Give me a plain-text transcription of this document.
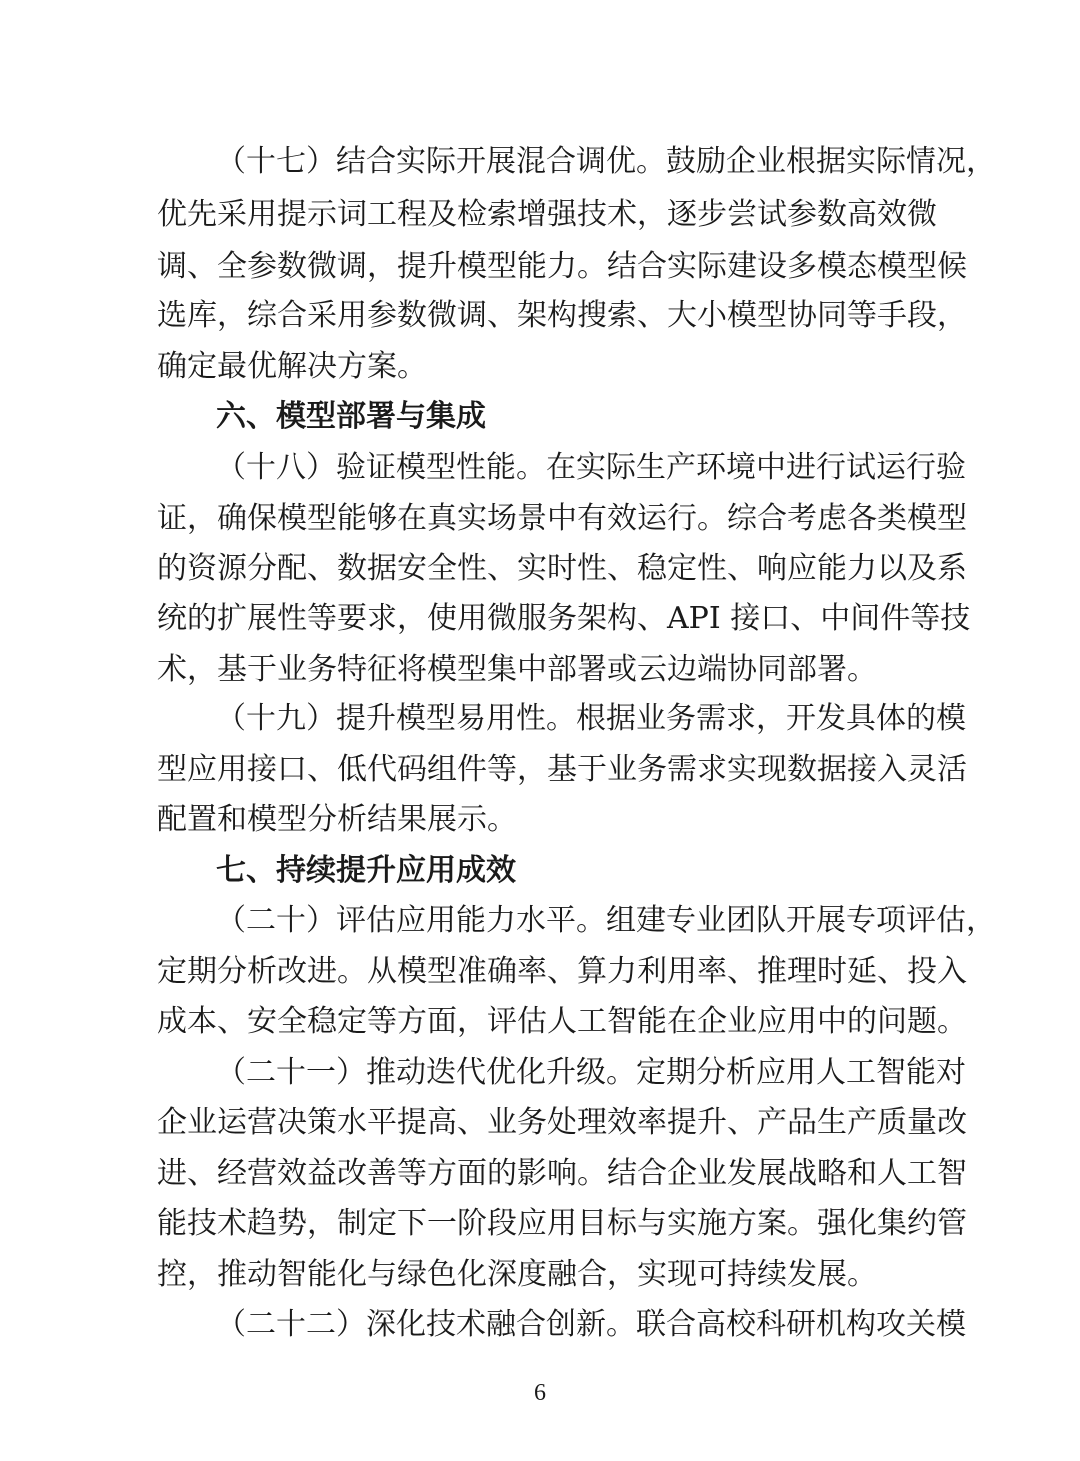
（十七）结合实际开展混合调优。鼓励企业根据实际情况，
优先采用提示词工程及检索增强技术，逐步尝试参数高效微
调、全参数微调，提升模型能力。结合实际建设多模态模型候
选库，综合采用参数微调、架构搜索、大小模型协同等手段，
确定最优解决方案。
六、模型部署与集成
（十八）验证模型性能。在实际生产环境中进行试运行验
证，确保模型能够在真实场景中有效运行。综合考虑各类模型
的资源分配、数据安全性、实时性、稳定性、响应能力以及系
统的扩展性等要求，使用微服务架构、API 接口、中间件等技
术，基于业务特征将模型集中部署或云边端协同部署。
（十九）提升模型易用性。根据业务需求，开发具体的模
型应用接口、低代码组件等，基于业务需求实现数据接入灵活
配置和模型分析结果展示。
七、持续提升应用成效
（二十）评估应用能力水平。组建专业团队开展专项评估，
定期分析改进。从模型准确率、算力利用率、推理时延、投入
成本、安全稳定等方面，评估人工智能在企业应用中的问题。
（二十一）推动迭代优化升级。定期分析应用人工智能对
企业运营决策水平提高、业务处理效率提升、产品生产质量改
进、经营效益改善等方面的影响。结合企业发展战略和人工智
能技术趋势，制定下一阶段应用目标与实施方案。强化集约管
控，推动智能化与绿色化深度融合，实现可持续发展。
（二十二）深化技术融合创新。联合高校科研机构攻关模
6
